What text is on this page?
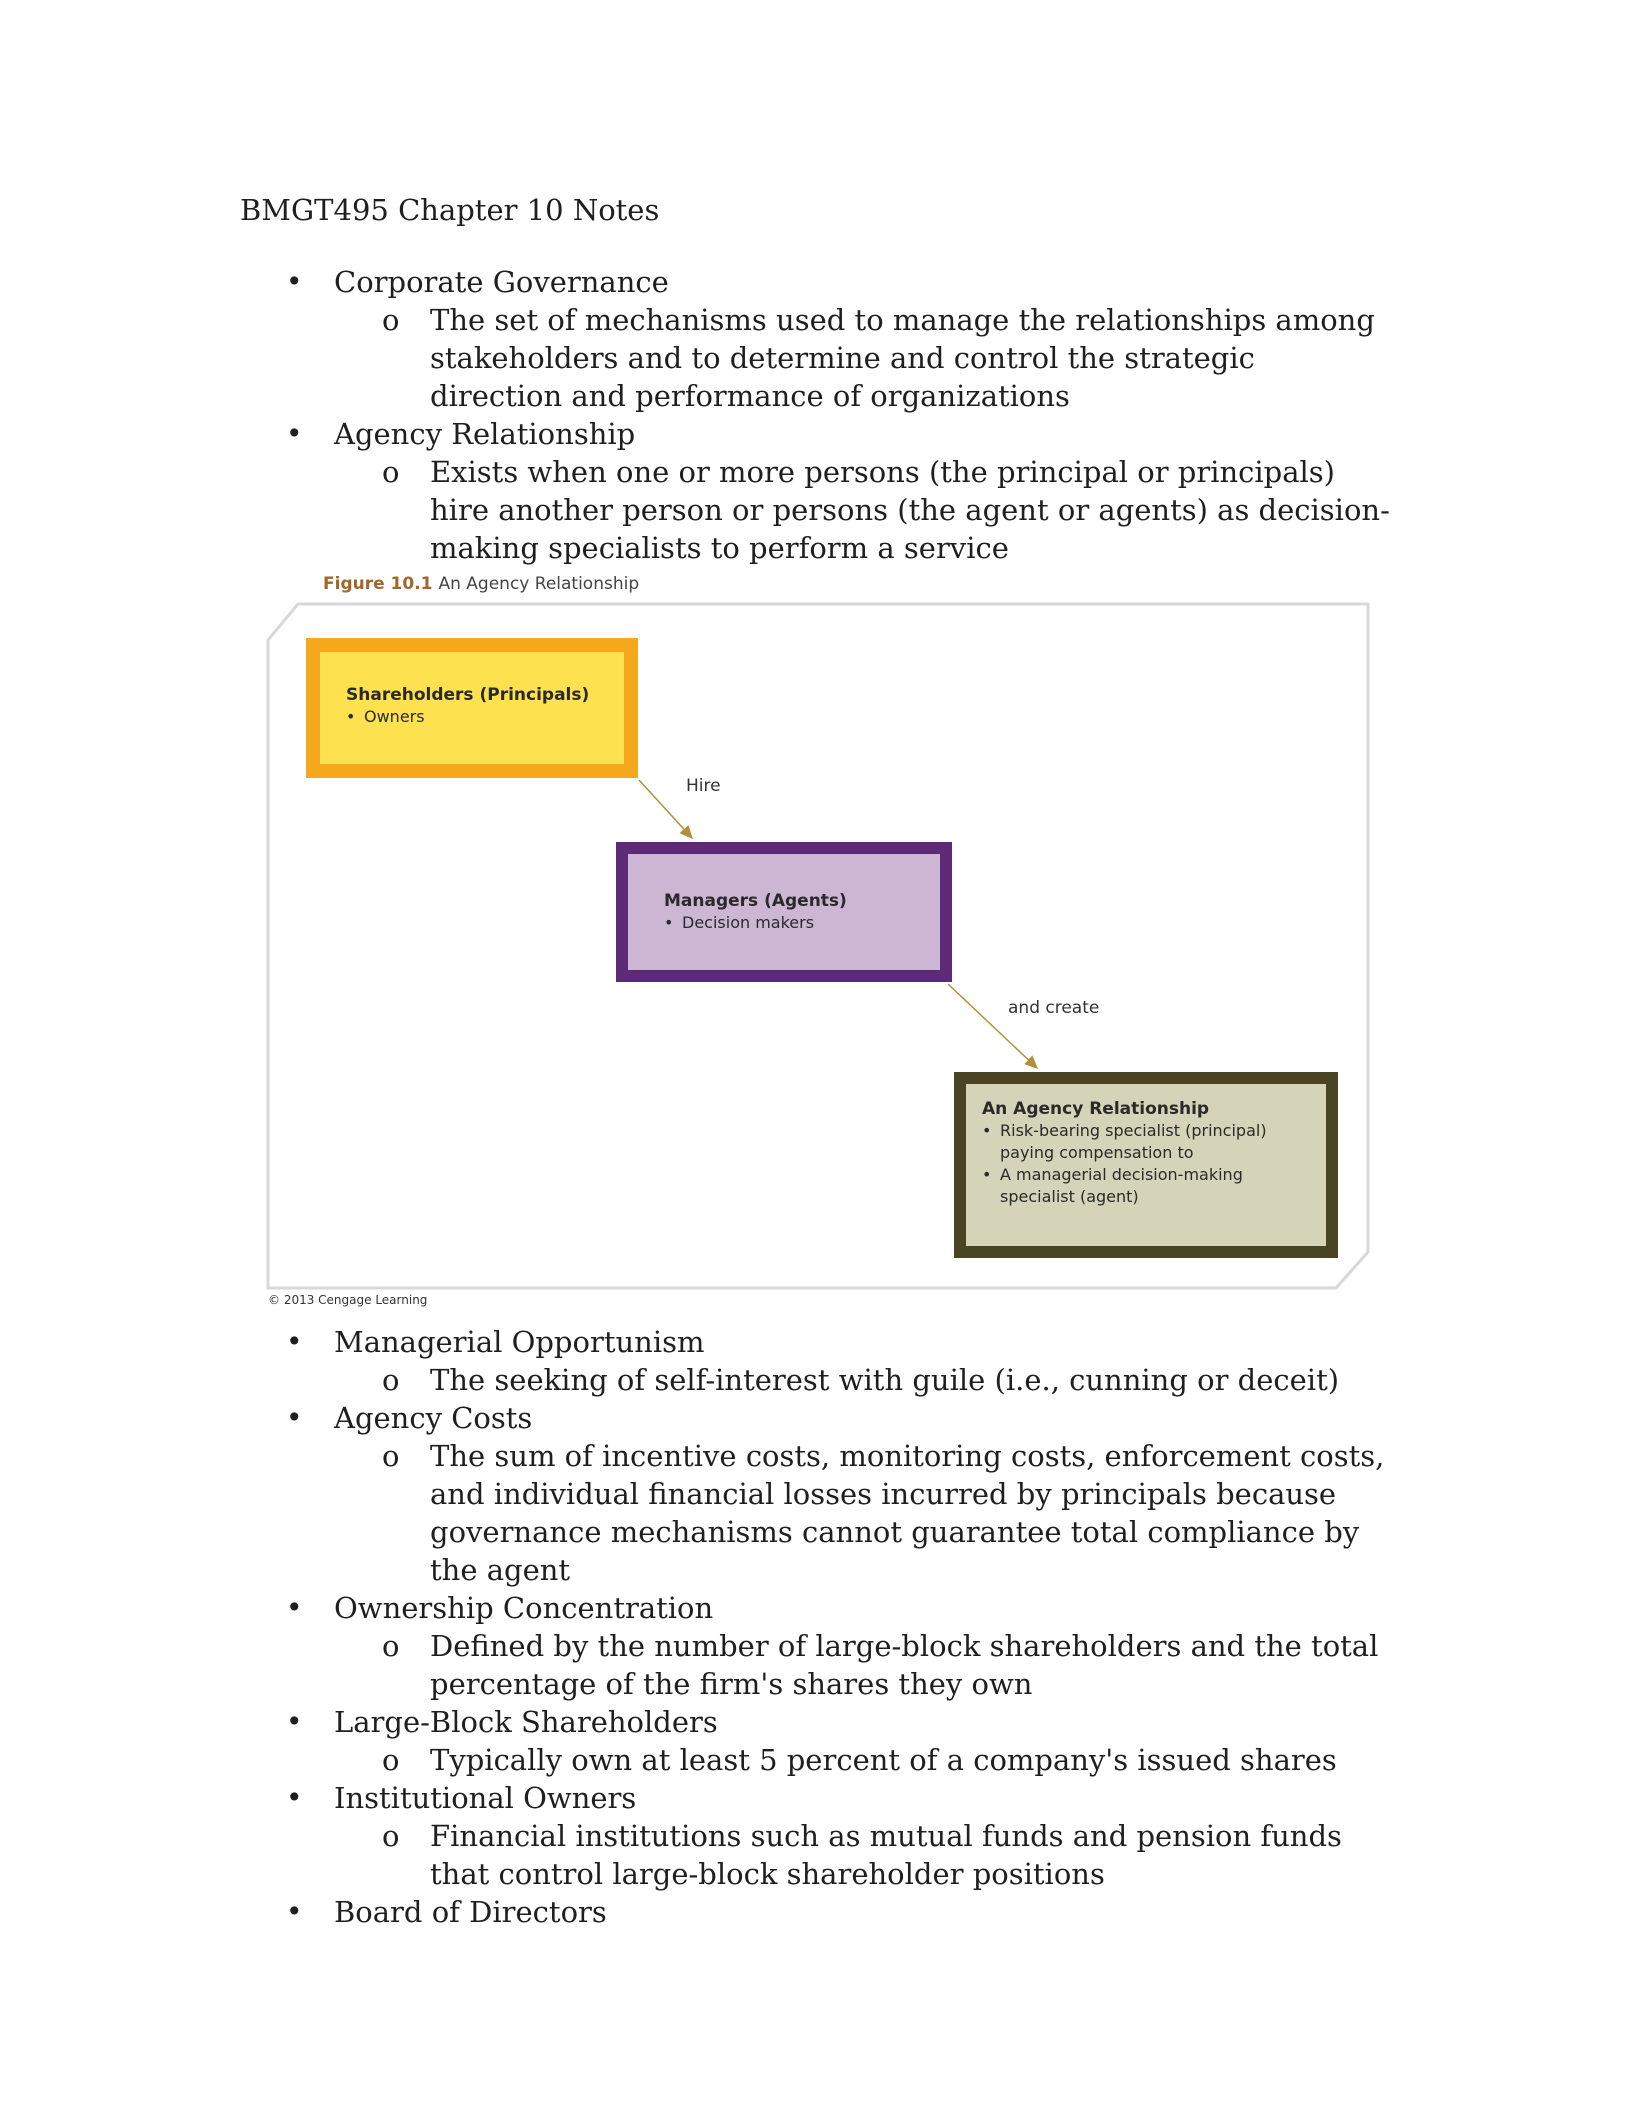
BMGT495 Chapter 10 Notes
• Corporate Governance
o The set of mechanisms used to manage the relationships among stakeholders and to determine and control the strategic direction and performance of organizations
• Agency Relationship
o Exists when one or more persons (the principal or principals) hire another person or persons (the agent or agents) as decision-making specialists to perform a service
Figure 10.1 An Agency Relationship
Shareholders (Principals)
• Owners
Hire
Managers (Agents)
• Decision makers
and create
An Agency Relationship
• Risk-bearing specialist (principal) paying compensation to
• A managerial decision-making specialist (agent)
© 2013 Cengage Learning
• Managerial Opportunism
o The seeking of self-interest with guile (i.e., cunning or deceit)
• Agency Costs
o The sum of incentive costs, monitoring costs, enforcement costs, and individual financial losses incurred by principals because governance mechanisms cannot guarantee total compliance by the agent
• Ownership Concentration
o Defined by the number of large-block shareholders and the total percentage of the firm's shares they own
• Large-Block Shareholders
o Typically own at least 5 percent of a company's issued shares
• Institutional Owners
o Financial institutions such as mutual funds and pension funds that control large-block shareholder positions
• Board of Directors
